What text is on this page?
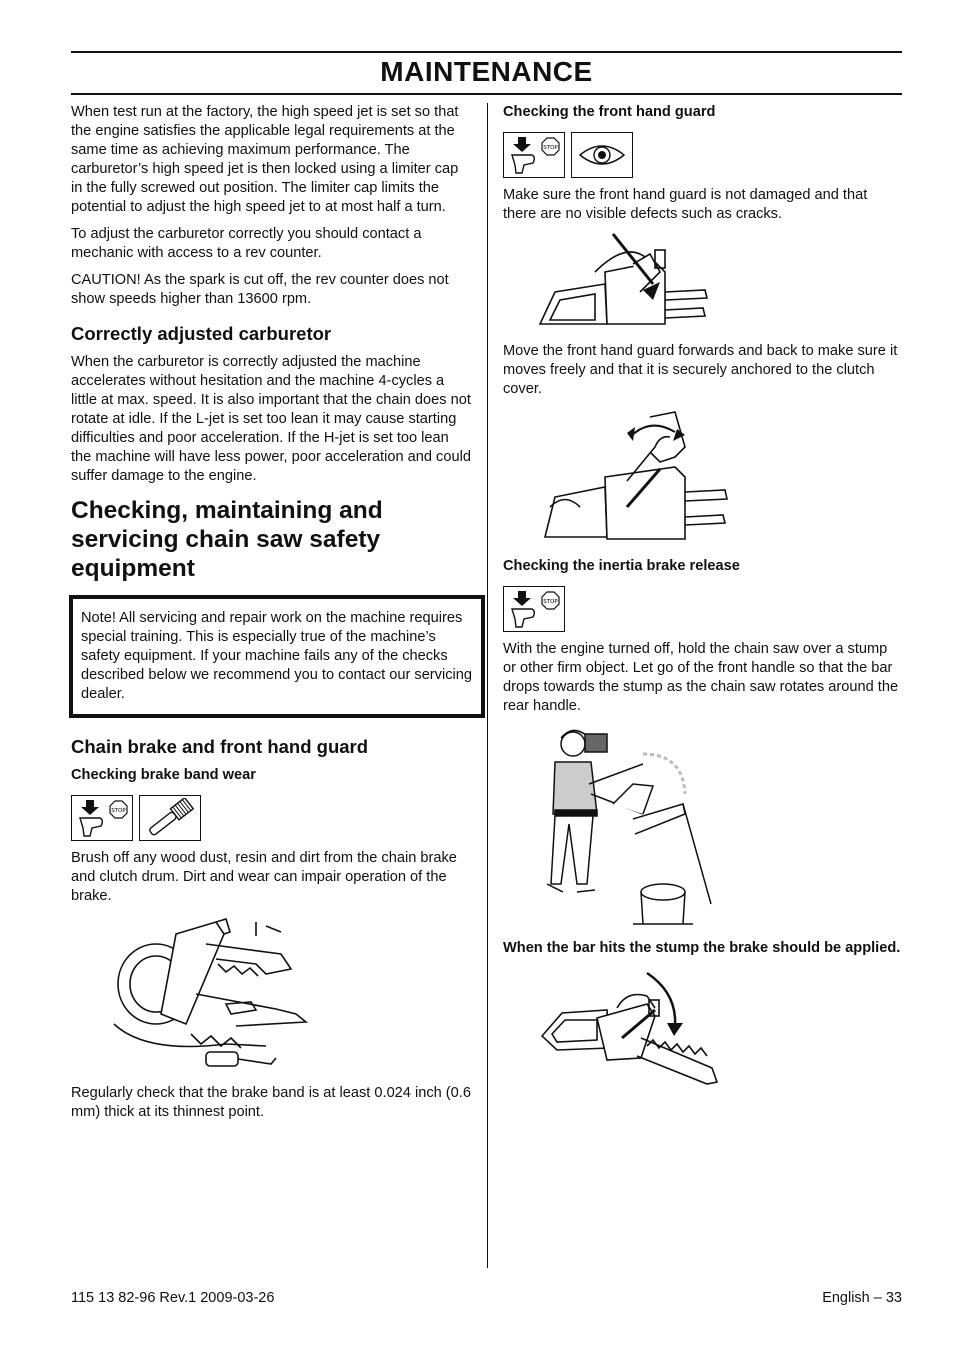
MAINTENANCE

When test run at the factory, the high speed jet is set so that the engine satisfies the applicable legal requirements at the same time as achieving maximum performance. The carburetor’s high speed jet is then locked using a limiter cap in the fully screwed out position. The limiter cap limits the potential to adjust the high speed jet to at most half a turn.

To adjust the carburetor correctly you should contact a mechanic with access to a rev counter.

CAUTION! As the spark is cut off, the rev counter does not show speeds higher than 13600 rpm.

Correctly adjusted carburetor

When the carburetor is correctly adjusted the machine accelerates without hesitation and the machine 4-cycles a little at max. speed. It is also important that the chain does not rotate at idle. If the L-jet is set too lean it may cause starting difficulties and poor acceleration. If the H-jet is set too lean the machine will have less power, poor acceleration and could suffer damage to the engine.

Checking, maintaining and servicing chain saw safety equipment

Note! All servicing and repair work on the machine requires special training. This is especially true of the machine’s safety equipment. If your machine fails any of the checks described below we recommend you to contact our servicing dealer.

Chain brake and front hand guard
Checking brake band wear
STOP

Brush off any wood dust, resin and dirt from the chain brake and clutch drum. Dirt and wear can impair operation of the brake.

Regularly check that the brake band is at least 0.024 inch (0.6 mm) thick at its thinnest point.

Checking the front hand guard
STOP

Make sure the front hand guard is not damaged and that there are no visible defects such as cracks.

Move the front hand guard forwards and back to make sure it moves freely and that it is securely anchored to the clutch cover.

Checking the inertia brake release
STOP

With the engine turned off, hold the chain saw over a stump or other firm object. Let go of the front handle so that the bar drops towards the stump as the chain saw rotates around the rear handle.

When the bar hits the stump the brake should be applied.
115 13 82-96 Rev.1 2009-03-26	English – 33
